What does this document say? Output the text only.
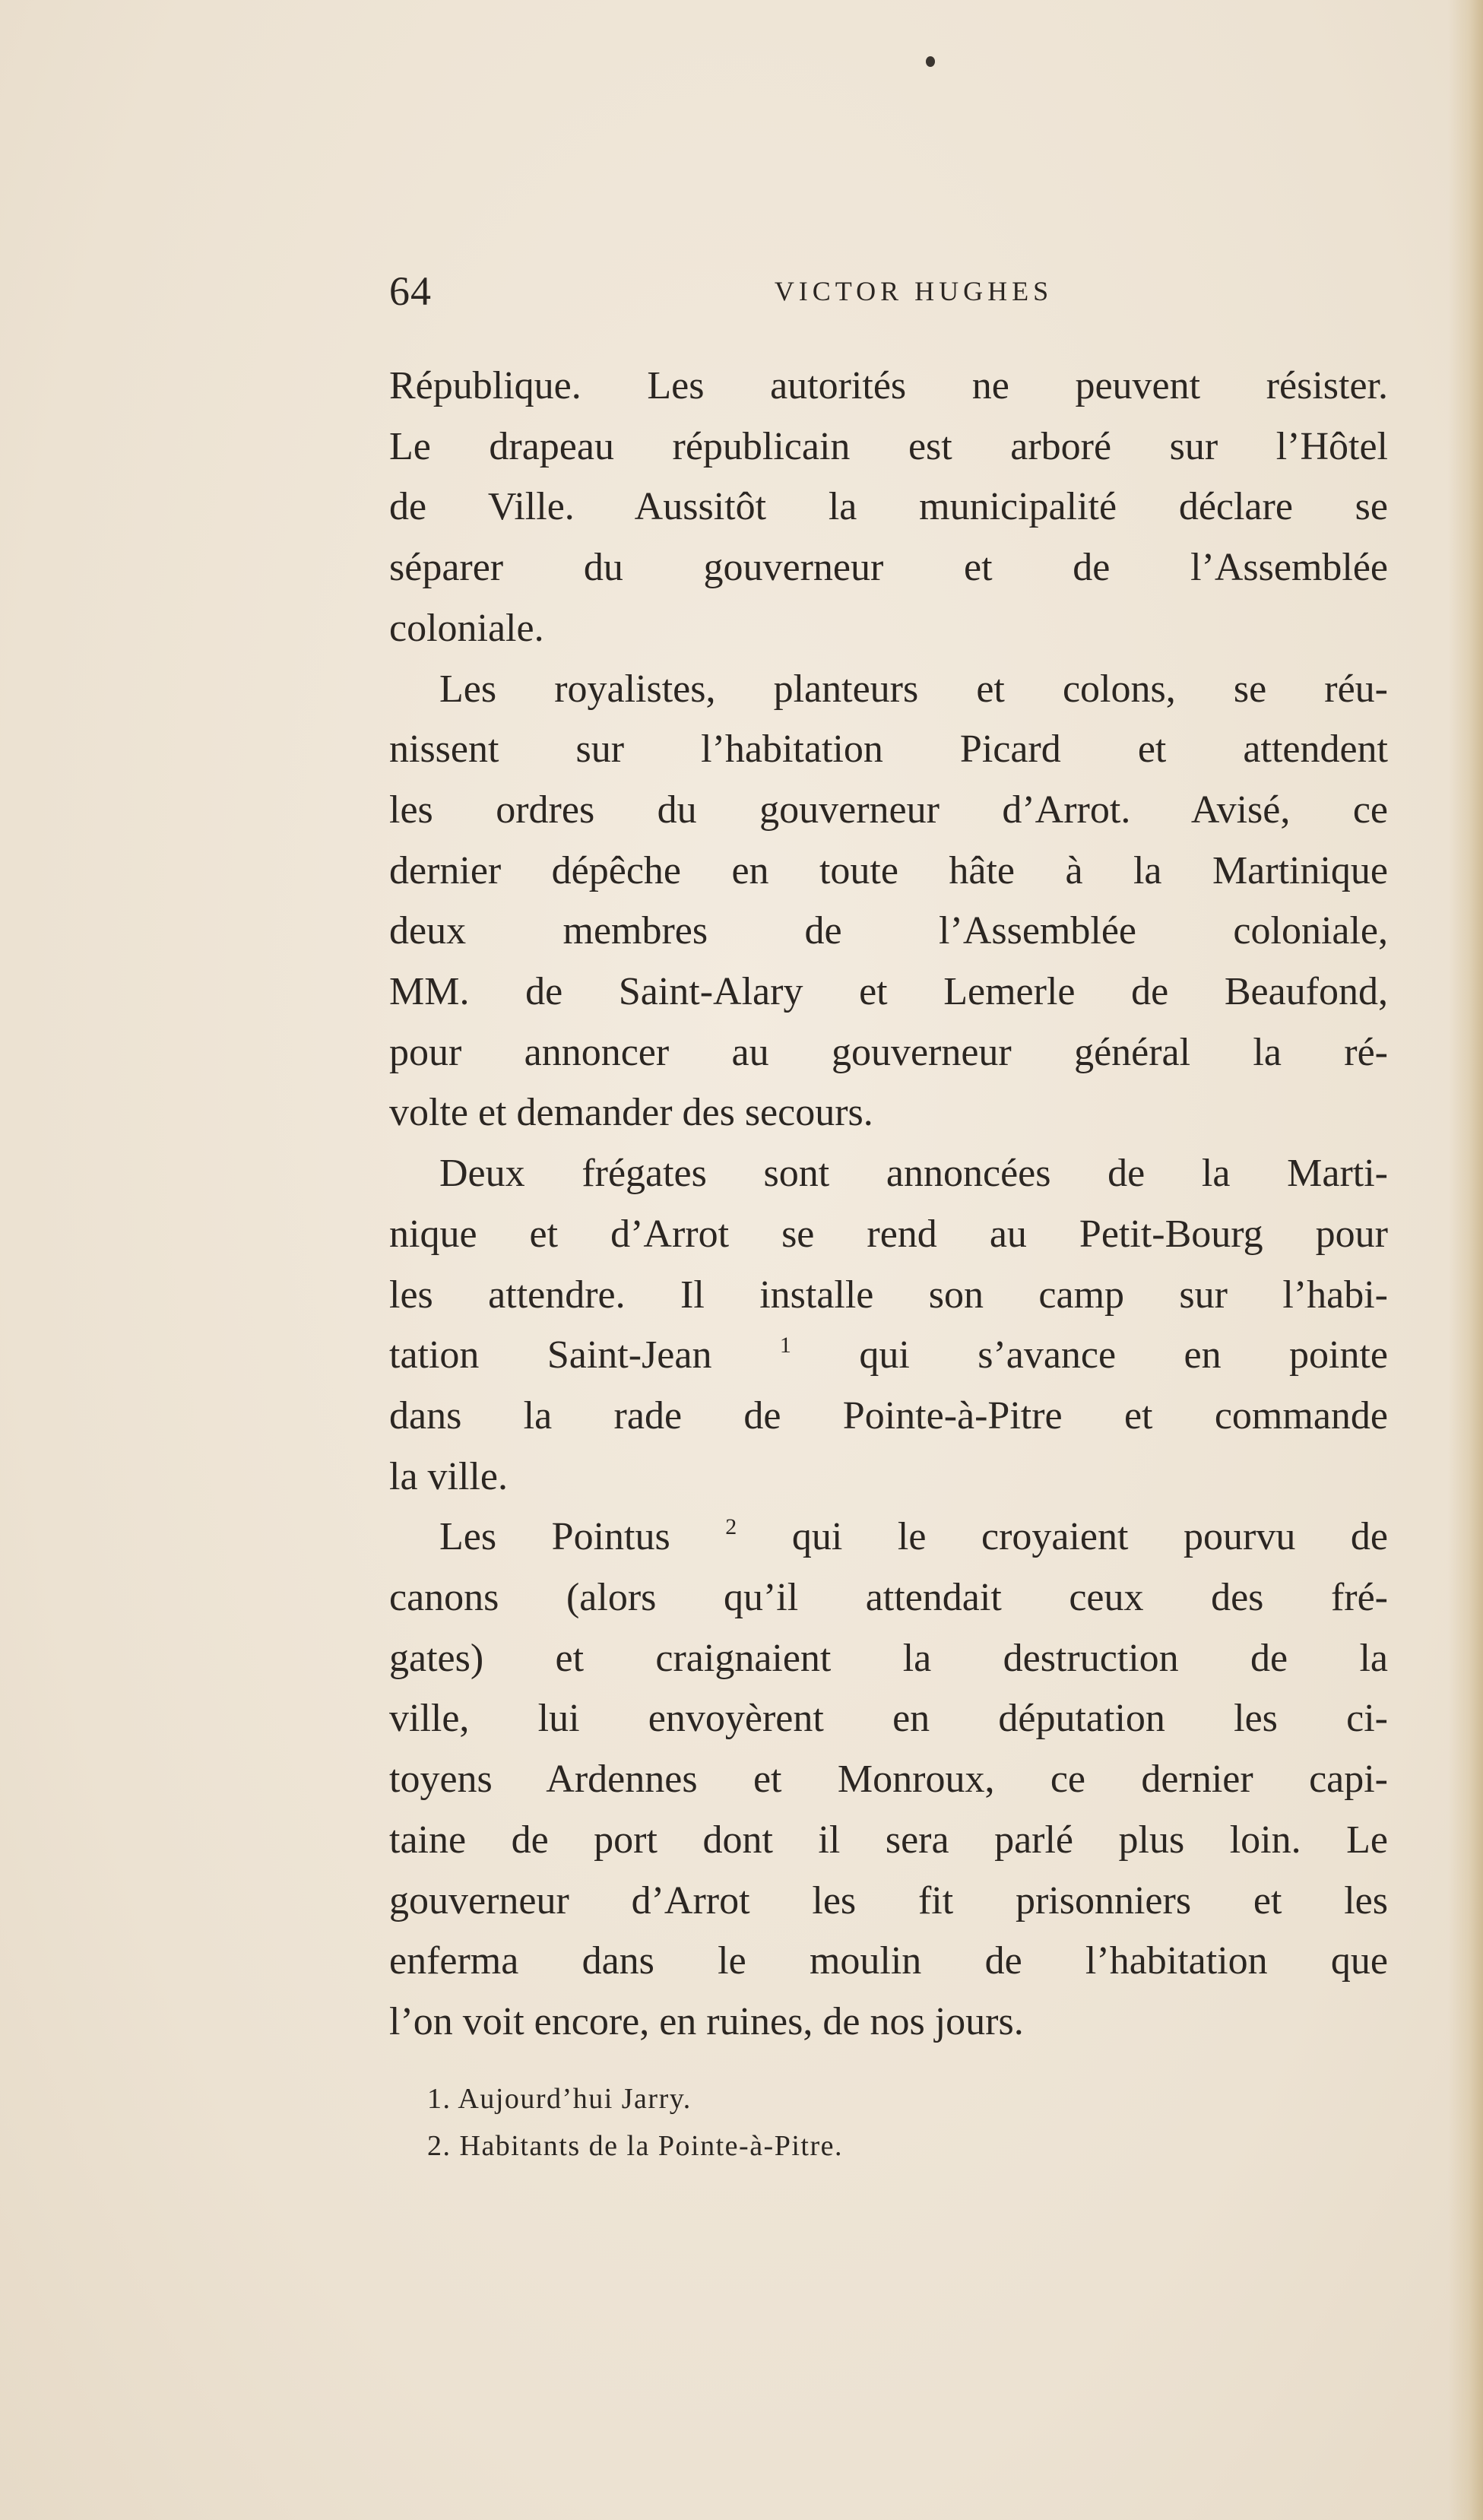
64	VICTOR HUGHES
République. Les autorités ne peuvent résister.
Le drapeau républicain est arboré sur l’Hôtel
de Ville. Aussitôt la municipalité déclare se
séparer du gouverneur et de l’Assemblée
coloniale.
Les royalistes, planteurs et colons, se réu-
nissent sur l’habitation Picard et attendent
les ordres du gouverneur d’Arrot. Avisé, ce
dernier dépêche en toute hâte à la Martinique
deux membres de l’Assemblée coloniale,
MM. de Saint-Alary et Lemerle de Beaufond,
pour annoncer au gouverneur général la ré-
volte et demander des secours.
Deux frégates sont annoncées de la Marti-
nique et d’Arrot se rend au Petit-Bourg pour
les attendre. Il installe son camp sur l’habi-
tation Saint-Jean	$^1$ qui s’avance en pointe
dans la rade de Pointe-à-Pitre et commande
la ville.
Les Pointus $^2$ qui le croyaient pourvu de
canons (alors qu’il attendait ceux des fré-
gates) et craignaient la destruction de la
ville, lui envoyèrent en députation les ci-
toyens Ardennes et Monroux, ce dernier capi-
taine de port dont il sera parlé plus loin. Le
gouverneur d’Arrot les fit prisonniers et les
enferma dans le moulin de l’habitation que
l’on voit encore, en ruines, de nos jours.
1. Aujourd’hui Jarry.
2. Habitants de la Pointe-à-Pitre.
